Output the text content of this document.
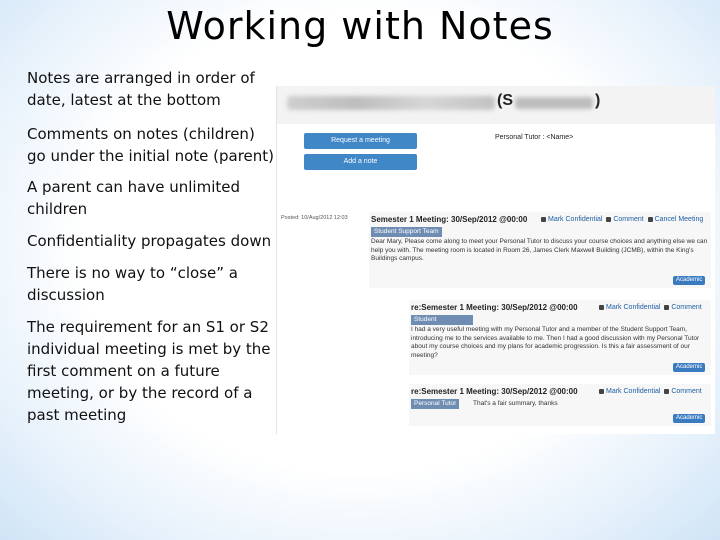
Working with Notes
Notes are arranged in order of date, latest at the bottom
Comments on notes (children) go under the initial note (parent)
A parent can have unlimited children
Confidentiality propagates down
There is no way to “close” a discussion
The requirement for an S1 or S2 individual meeting is met by the first comment on a future meeting, or by the record of a past meeting
(S	)
Request a meeting
Add a note
Personal Tutor : <Name>
Posted: 10/Aug/2012 12:03	Semester 1 Meeting: 30/Sep/2012 @00:00	Mark Confidential Comment Cancel Meeting
Student Support Team
Dear Mary, Please come along to meet your Personal Tutor to discuss your course choices and anything else we can help you with. The meeting room is located in Room 26, James Clerk Maxwell Building (JCMB), within the King's Buildings campus.
Academic
re:Semester 1 Meeting: 30/Sep/2012 @00:00	Mark Confidential Comment
Student
I had a very useful meeting with my Personal Tutor and a member of the Student Support Team, introducing me to the services available to me. Then I had a good discussion with my Personal Tutor about my course choices and my plans for academic progression. Is this a fair assessment of our meeting?
Academic
re:Semester 1 Meeting: 30/Sep/2012 @00:00	Mark Confidential Comment
Personal Tutor	That's a fair summary, thanks
Academic
